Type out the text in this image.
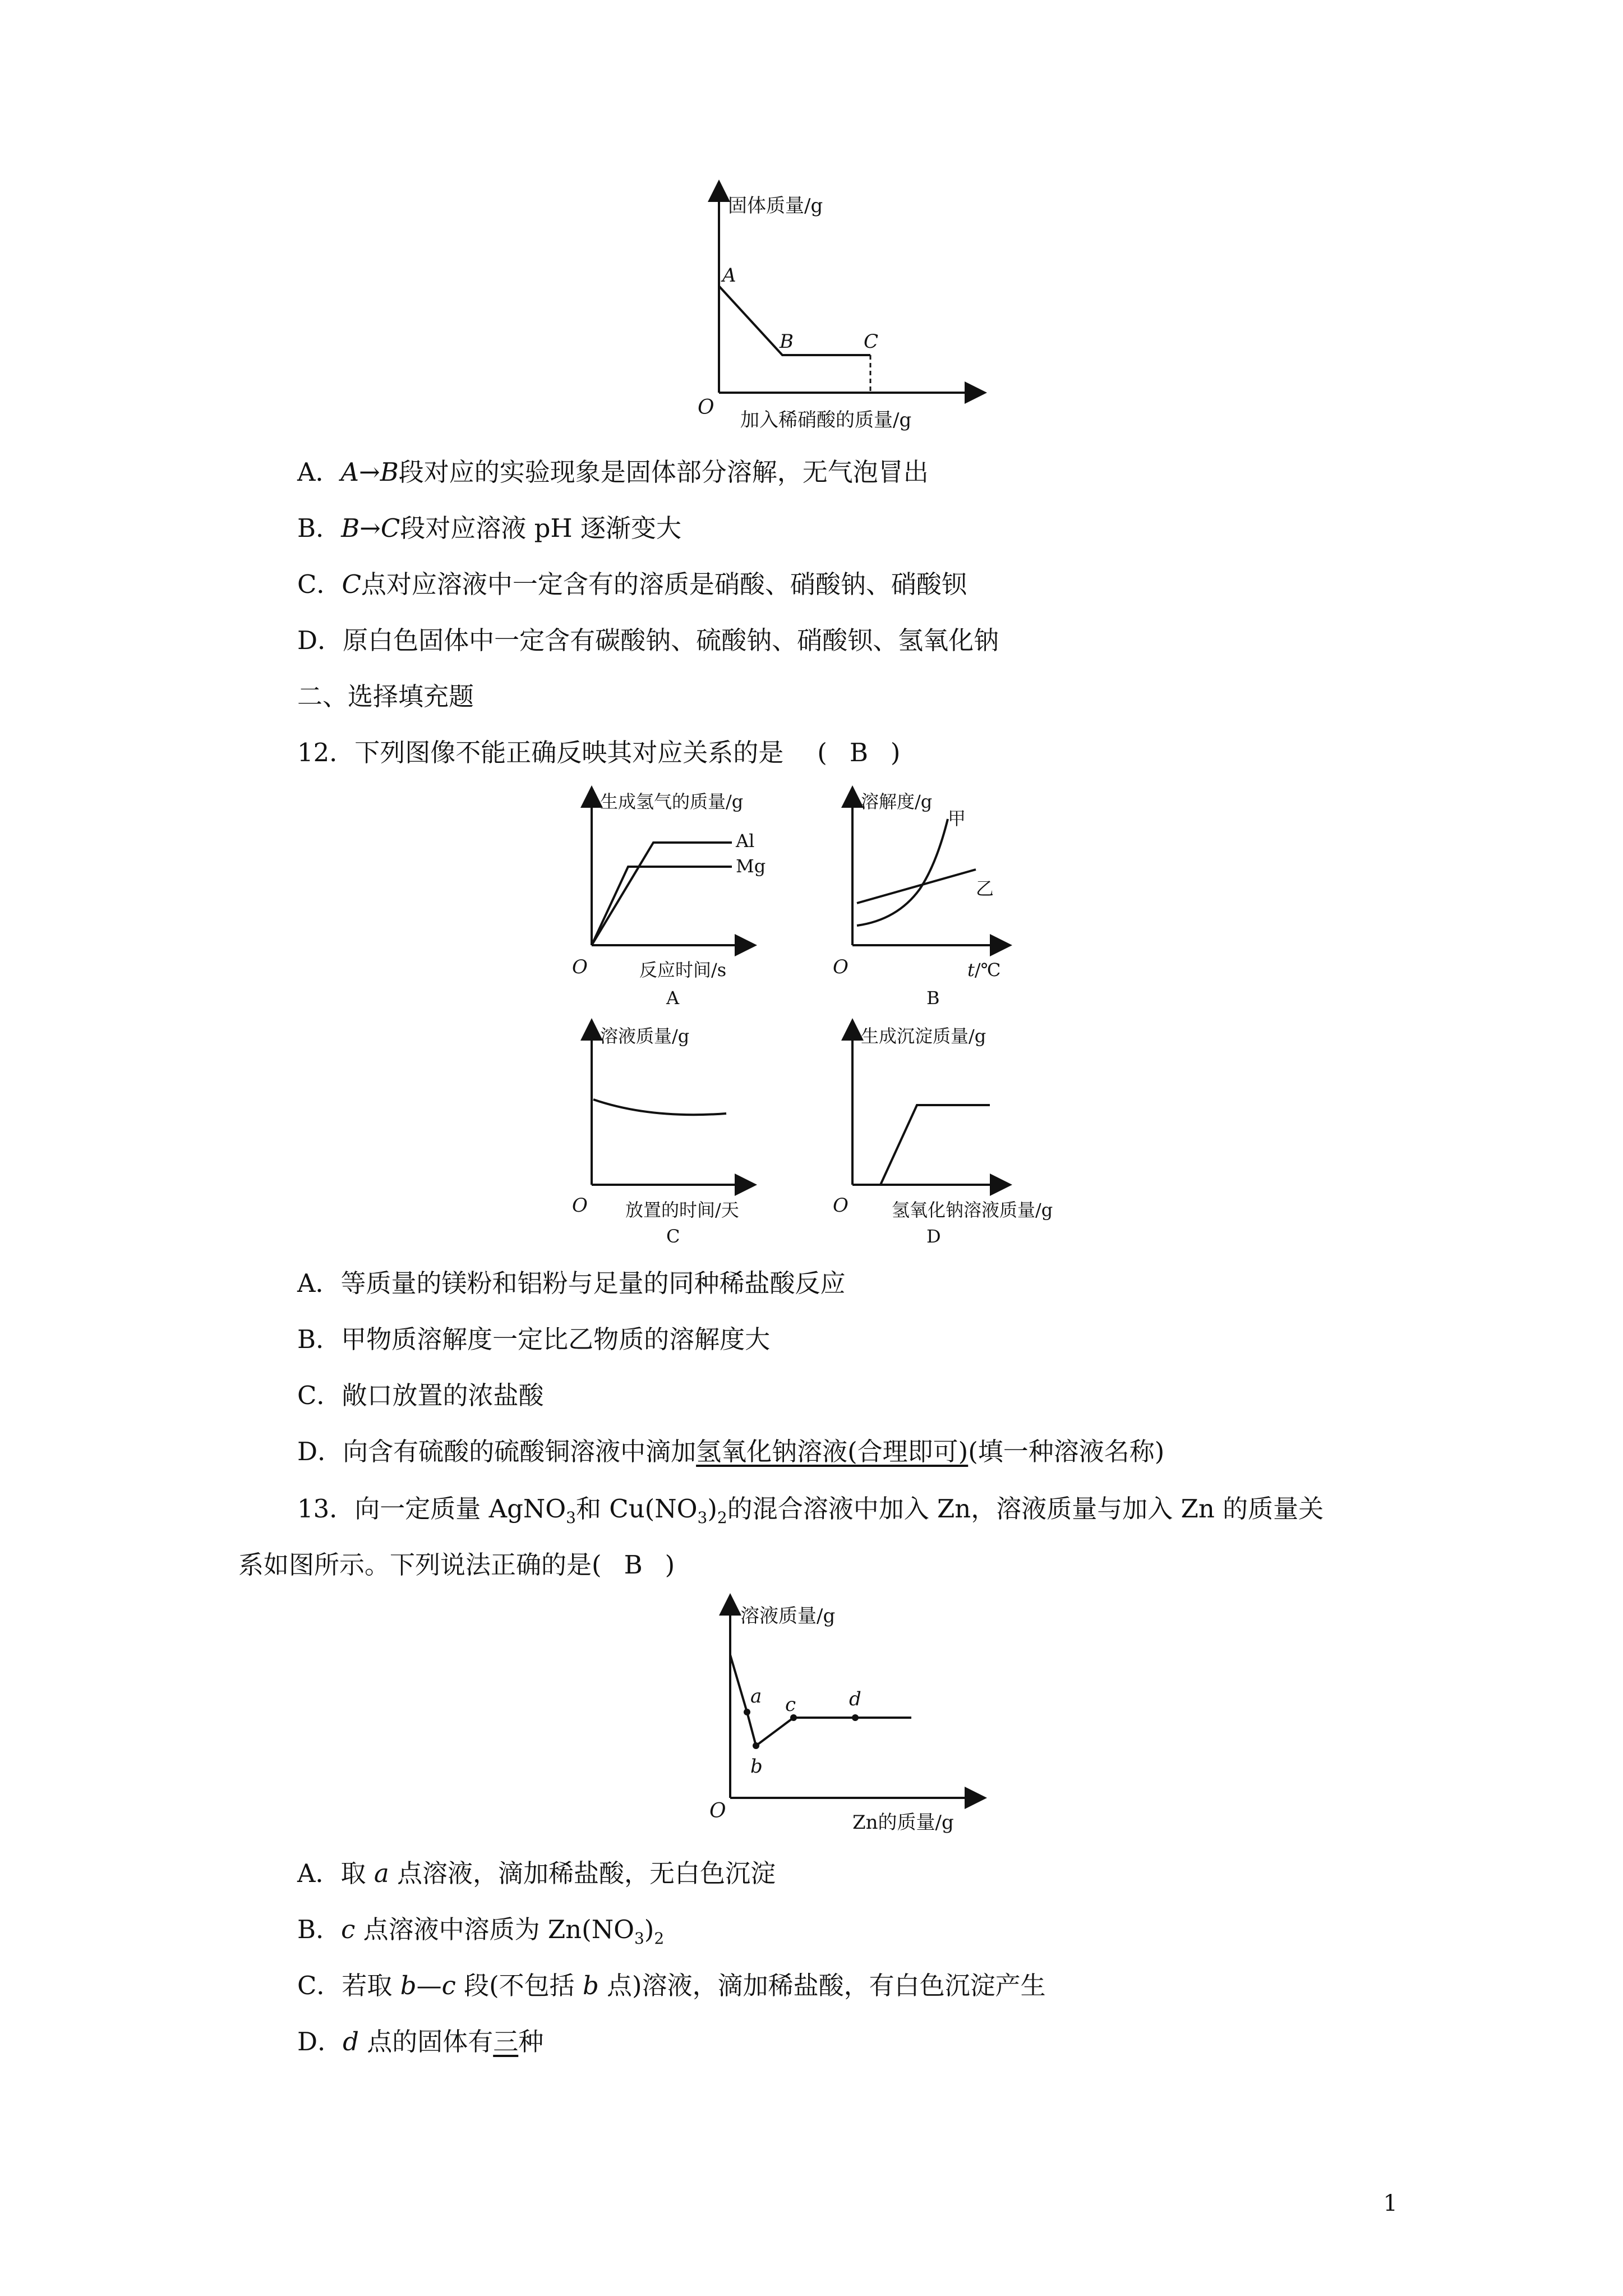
固体质量/g
加入稀硝酸的质量/g
O
A
B	C
A．A→B段对应的实验现象是固体部分溶解，无气泡冒出
B．B→C段对应溶液 pH 逐渐变大
C．C点对应溶液中一定含有的溶质是硝酸、硝酸钠、硝酸钡
D．原白色固体中一定含有碳酸钠、硫酸钠、硝酸钡、氢氧化钠
二、选择填充题
12．下列图像不能正确反映其对应关系的是 ( B )
生成氢气的质量/g
Al
Mg
O	反应时间/s
A
溶解度/g
甲
乙
O	t/℃
B
溶液质量/g
O 放置的时间/天
C
生成沉淀质量/g
O 氢氧化钠溶液质量/g
D
A．等质量的镁粉和铝粉与足量的同种稀盐酸反应
B．甲物质溶解度一定比乙物质的溶解度大
C．敞口放置的浓盐酸
D．向含有硫酸的硫酸铜溶液中滴加氢氧化钠溶液(合理即可)(填一种溶液名称)
13．向一定质量 AgNO$_3$和 $Cu(NO_3)_2$的混合溶液中加入 Zn，溶液质量与加入 Zn 的质量关
系如图所示。下列说法正确的是( B )
溶液质量/g
a
b
c	d
O	Zn的质量/g
A．取 a 点溶液，滴加稀盐酸，无白色沉淀
B．c 点溶液中溶质为 $Zn(NO_3)_2$
C．若取 b—c 段(不包括 b 点)溶液，滴加稀盐酸，有白色沉淀产生
D．d 点的固体有三种
1
